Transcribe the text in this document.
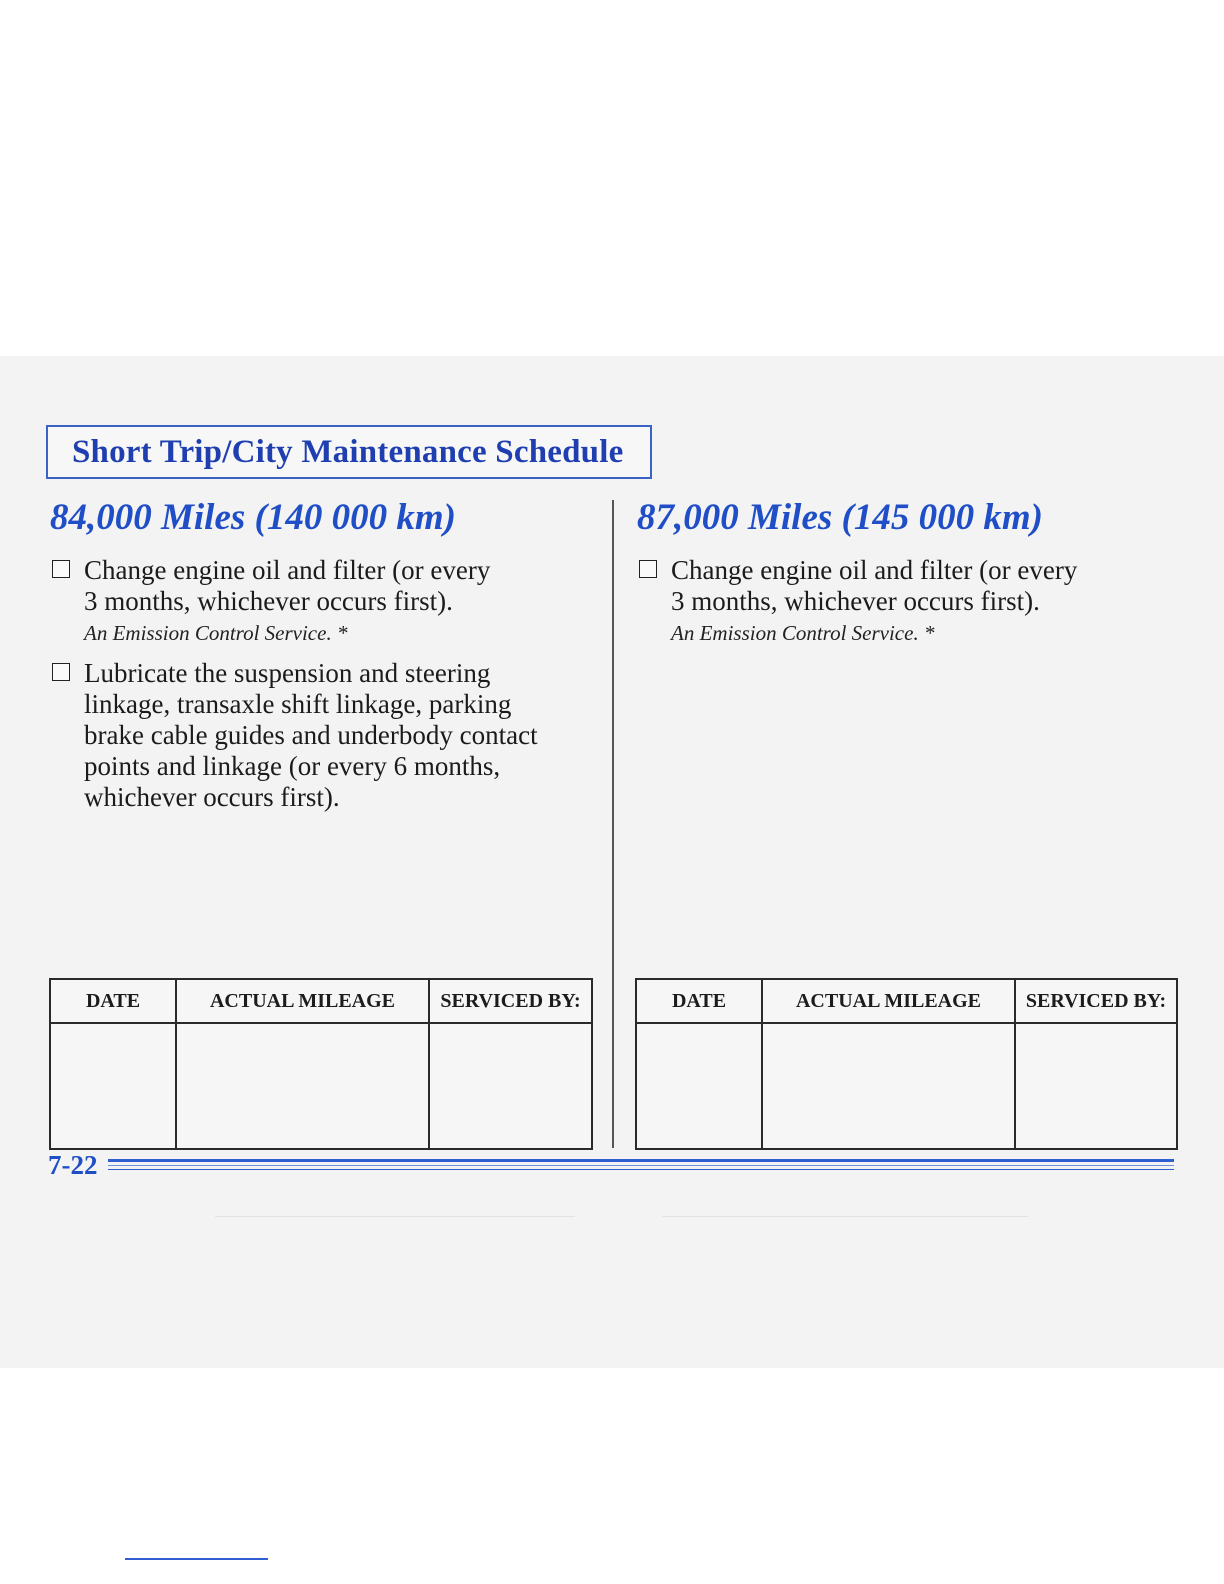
Short Trip/City Maintenance Schedule
84,000 Miles (140 000 km)
Change engine oil and filter (or every
3 months, whichever occurs first).
An Emission Control Service. *
Lubricate the suspension and steering
linkage, transaxle shift linkage, parking
brake cable guides and underbody contact
points and linkage (or every 6 months,
whichever occurs first).
87,000 Miles (145 000 km)
Change engine oil and filter (or every
3 months, whichever occurs first).
An Emission Control Service. *
DATE	ACTUAL MILEAGE	SERVICED BY:
			DATE	ACTUAL MILEAGE	SERVICED BY:

7-22
